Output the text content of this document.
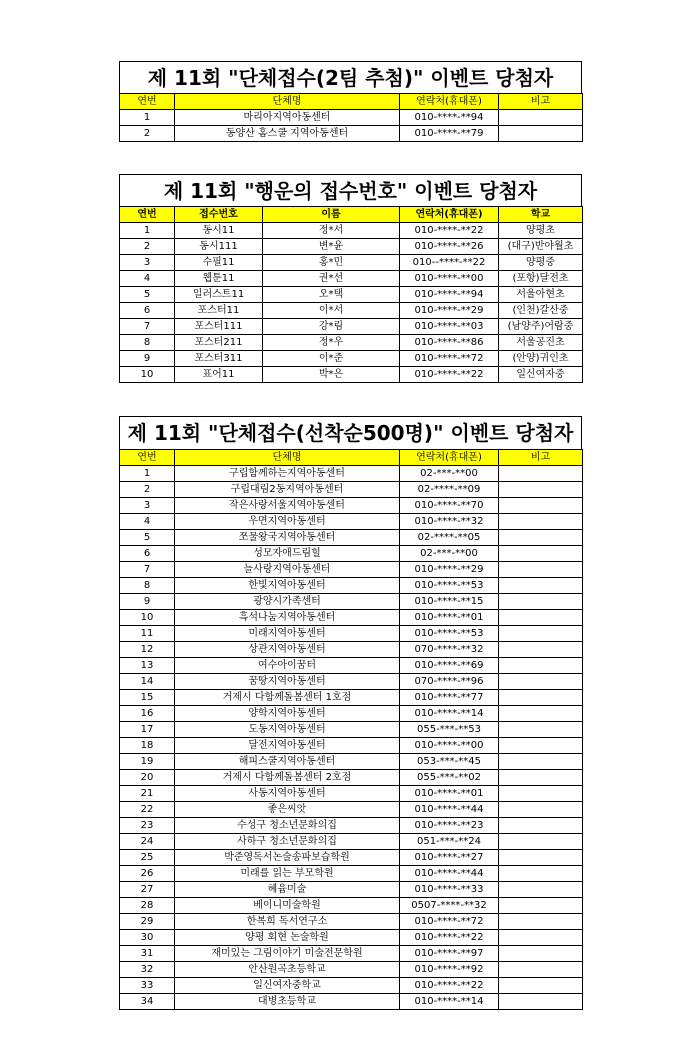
제 11회 "단체접수(2팀 추첨)" 이벤트 당첨자
연번	단체명	연락처(휴대폰)	비고
1	마리아지역아동센터	010-****-**94	
2	동양산 홈스쿨 지역아동센터	010-****-**79	
제 11회 "행운의 접수번호" 이벤트 당첨자
연번	접수번호	이름	연락처(휴대폰)	학교
1	동시11	정*서	010-****-**22	양평초
2	동시111	변*윤	010-****-**26	(대구)반야월초
3	수필11	홍*민	010--****-**22	양평중
4	웹툰11	권*선	010-****-**00	(포항)달전초
5	일러스트11	오*택	010-****-**94	서울아현초
6	포스터11	이*서	010-****-**29	(인천)갈산중
7	포스터111	강*림	010-****-**03	(남양주)어람중
8	포스터211	정*우	010-****-**86	서울공진초
9	포스터311	이*준	010-****-**72	(안양)귀인초
10	표어11	박*은	010-****-**22	일신여자중
제 11회 "단체접수(선착순500명)" 이벤트 당첨자
연번	단체명	연락처(휴대폰)	비고
1	구립함께하는지역아동센터	02-***-**00	
2	구립대림2동지역아동센터	02-****-**09	
3	작은사랑서울지역아동센터	010-****-**70	
4	우면지역아동센터	010-****-**32	
5	쪼물왕국지역아동센터	02-****-**05	
6	성모자애드림힐	02-***-**00	
7	늘사랑지역아동센터	010-****-**29	
8	한빛지역아동센터	010-****-**53	
9	광양시가족센터	010-****-**15	
10	흑석나눔지역아동센터	010-****-**01	
11	미래지역아동센터	010-****-**53	
12	상관지역아동센터	070-****-**32	
13	여수아이꿈터	010-****-**69	
14	꿈땅지역아동센터	070-****-**96	
15	거제시 다함께돌봄센터 1호점	010-****-**77	
16	양학지역아동센터	010-****-**14	
17	도동지역아동센터	055-***-**53	
18	달전지역아동센터	010-****-**00	
19	해피스쿨지역아동센터	053-***-**45	
20	거제시 다함께돌봄센터 2호점	055-***-**02	
21	사동지역아동센터	010-****-**01	
22	좋은씨앗	010-****-**44	
23	수성구 청소년문화의집	010-****-**23	
24	사하구 청소년문화의집	051-***-**24	
25	박준영독서논술송파보습학원	010-****-**27	
26	미래를 읽는 부모학원	010-****-**44	
27	혜윰미술	010-****-**33	
28	베이니미술학원	0507-****-**32	
29	한복희 독서연구소	010-****-**72	
30	양평 회현 논술학원	010-****-**22	
31	재미있는 그림이야기 미술전문학원	010-****-**97	
32	안산원곡초등학교	010-****-**92	
33	일신여자중학교	010-****-**22	
34	대병초등학교	010-****-**14	
